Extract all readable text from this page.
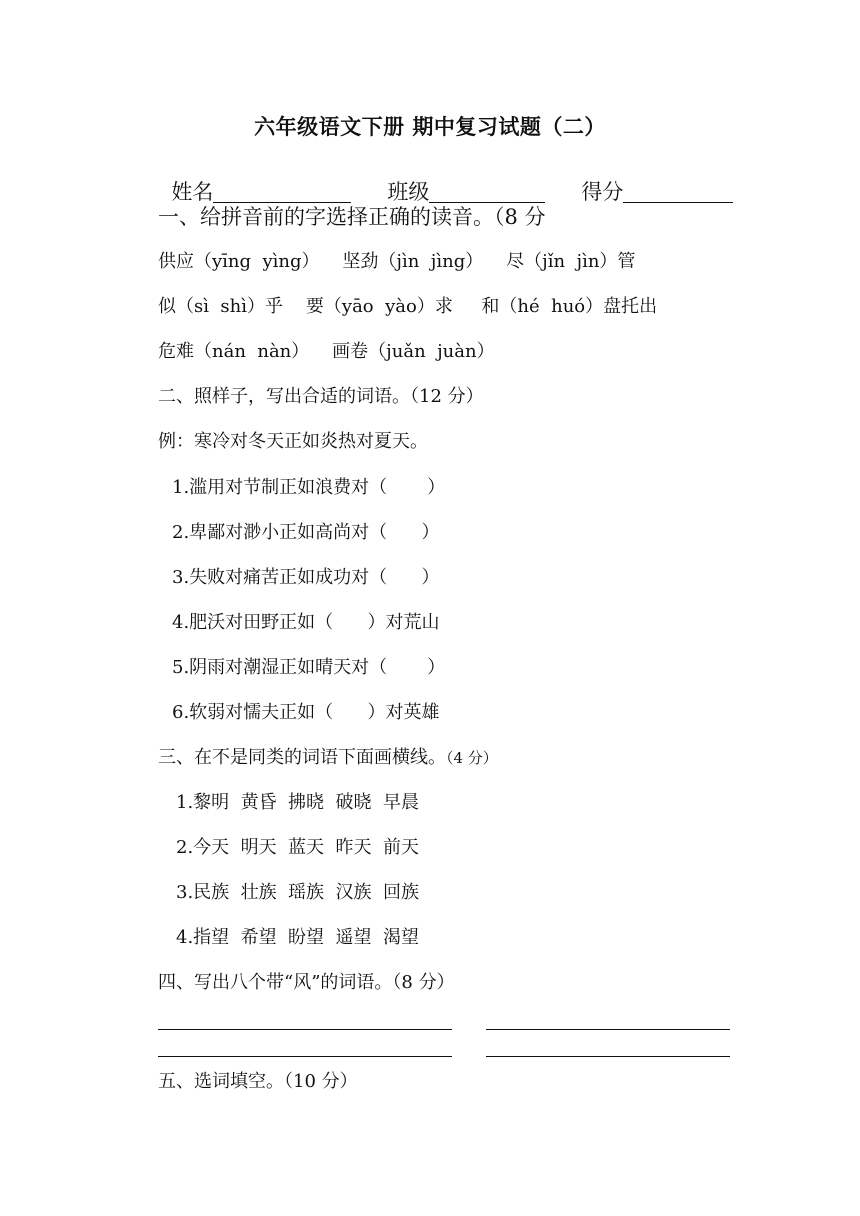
六年级语文下册 期中复习试题（二）

姓名	班级	得分

一、给拼音前的字选择正确的读音。（8 分
供应（yīng  yìng）    坚劲（jìn  jìng）    尽（jǐn  jìn）管
似（sì  shì）乎    要（yāo  yào）求     和（hé  huó）盘托出
危难（nán  nàn）    画卷（juǎn  juàn）
二、照样子，写出合适的词语。（12 分）
例：寒冷对冬天正如炎热对夏天。
1.滥用对节制正如浪费对（       ）
2.卑鄙对渺小正如高尚对（      ）
3.失败对痛苦正如成功对（      ）
4.肥沃对田野正如（      ）对荒山
5.阴雨对潮湿正如晴天对（       ）
6.软弱对懦夫正如（      ）对英雄
三、在不是同类的词语下面画横线。（4 分）
1.黎明  黄昏  拂晓  破晓  早晨
2.今天  明天  蓝天  昨天  前天
3.民族  壮族  瑶族  汉族  回族
4.指望  希望  盼望  遥望  渴望
四、写出八个带“风”的词语。（8 分）
五、选词填空。（10 分）
